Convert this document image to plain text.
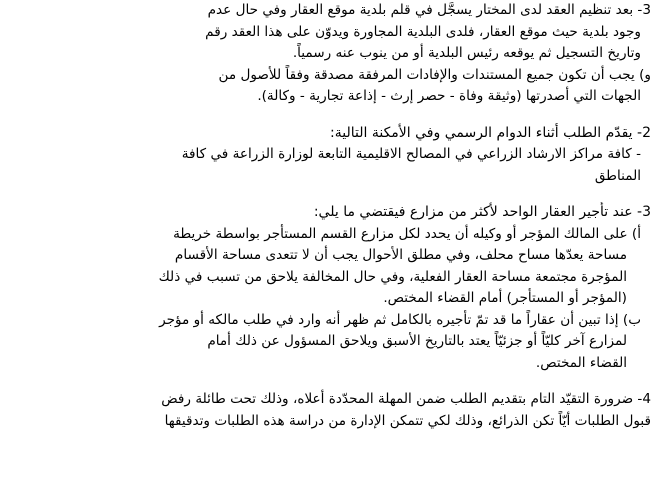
3- بعد تنظيم العقد لدى المختار يسجَّل في قلم بلدية موقع العقار وفي حال عدم
وجود بلدية حيث موقع العقار، فلدى البلدية المجاورة ويدوّن على هذا العقد رقم
وتاريخ التسجيل ثم يوقعه رئيس البلدية أو من ينوب عنه رسمياً.
و) يجب أن تكون جميع المستندات والإفادات المرفقة مصدقة وفقاً للأصول من
الجهات التي أصدرتها (وثيقة وفاة - حصر إرث - إذاعة تجارية - وكالة).
2- يقدّم الطلب أثناء الدوام الرسمي وفي الأمكنة التالية:
- كافة مراكز الارشاد الزراعي في المصالح الاقليمية التابعة لوزارة الزراعة في كافة
المناطق
3- عند تأجير العقار الواحد لأكثر من مزارع فيقتضي ما يلي:
أ) على المالك المؤجر أو وكيله أن يحدد لكل مزارع القسم المستأجر بواسطة خريطة
مساحة يعدّها مساح محلف، وفي مطلق الأحوال يجب أن لا تتعدى مساحة الأقسام
المؤجرة مجتمعة مساحة العقار الفعلية، وفي حال المخالفة يلاحق من تسبب في ذلك
(المؤجر أو المستأجر) أمام القضاء المختص.
ب) إذا تبين أن عقاراً ما قد تمّ تأجيره بالكامل ثم ظهر أنه وارد في طلب مالكه أو مؤجر
لمزارع آخر كليّاً أو جزئيّاً يعتد بالتاريخ الأسبق ويلاحق المسؤول عن ذلك أمام
القضاء المختص.
4- ضرورة التقيّد التام بتقديم الطلب ضمن المهلة المحدّدة أعلاه، وذلك تحت طائلة رفض
قبول الطلبات أيّاً تكن الذرائع، وذلك لكي تتمكن الإدارة من دراسة هذه الطلبات وتدقيقها
